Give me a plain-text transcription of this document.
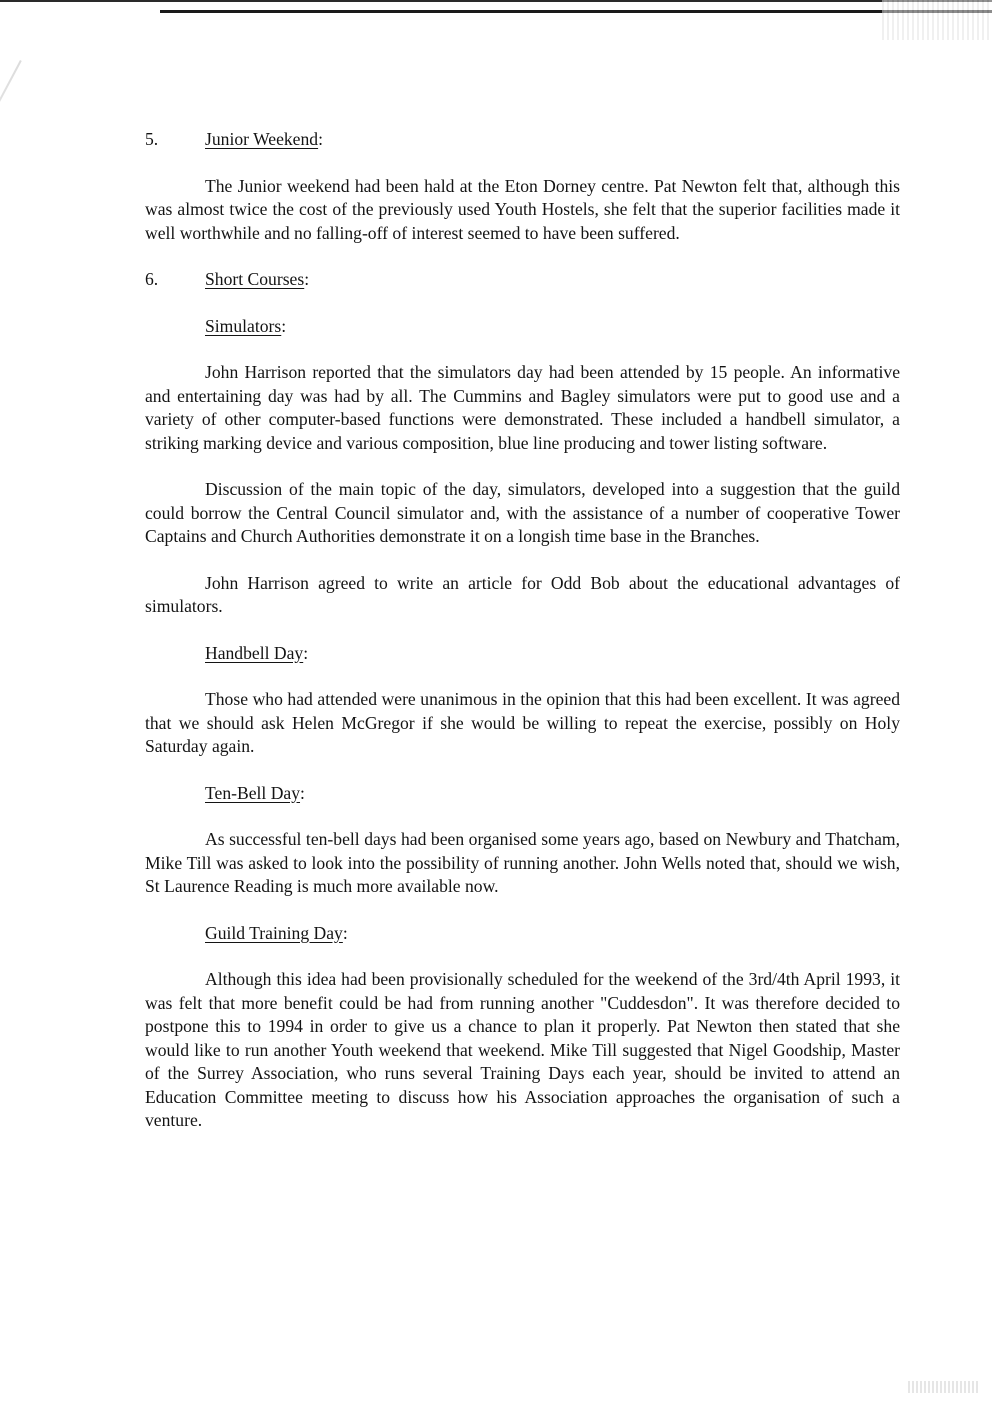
5.	Junior Weekend:

The Junior weekend had been hald at the Eton Dorney centre. Pat Newton felt that, although this was almost twice the cost of the previously used Youth Hostels, she felt that the superior facilities made it well worthwhile and no falling-off of interest seemed to have been suffered.

6.	Short Courses:
Simulators:

John Harrison reported that the simulators day had been attended by 15 people. An informative and entertaining day was had by all. The Cummins and Bagley simulators were put to good use and a variety of other computer-based functions were demonstrated. These included a handbell simulator, a striking marking device and various composition, blue line producing and tower listing software.

Discussion of the main topic of the day, simulators, developed into a suggestion that the guild could borrow the Central Council simulator and, with the assistance of a number of cooperative Tower Captains and Church Authorities demonstrate it on a longish time base in the Branches.

John Harrison agreed to write an article for Odd Bob about the educational advantages of simulators.

Handbell Day:

Those who had attended were unanimous in the opinion that this had been excellent. It was agreed that we should ask Helen McGregor if she would be willing to repeat the exercise, possibly on Holy Saturday again.

Ten-Bell Day:

As successful ten-bell days had been organised some years ago, based on Newbury and Thatcham, Mike Till was asked to look into the possibility of running another. John Wells noted that, should we wish, St Laurence Reading is much more available now.

Guild Training Day:

Although this idea had been provisionally scheduled for the weekend of the 3rd/4th April 1993, it was felt that more benefit could be had from running another "Cuddesdon". It was therefore decided to postpone this to 1994 in order to give us a chance to plan it properly. Pat Newton then stated that she would like to run another Youth weekend that weekend. Mike Till suggested that Nigel Goodship, Master of the Surrey Association, who runs several Training Days each year, should be invited to attend an Education Committee meeting to discuss how his Association approaches the organisation of such a venture.
